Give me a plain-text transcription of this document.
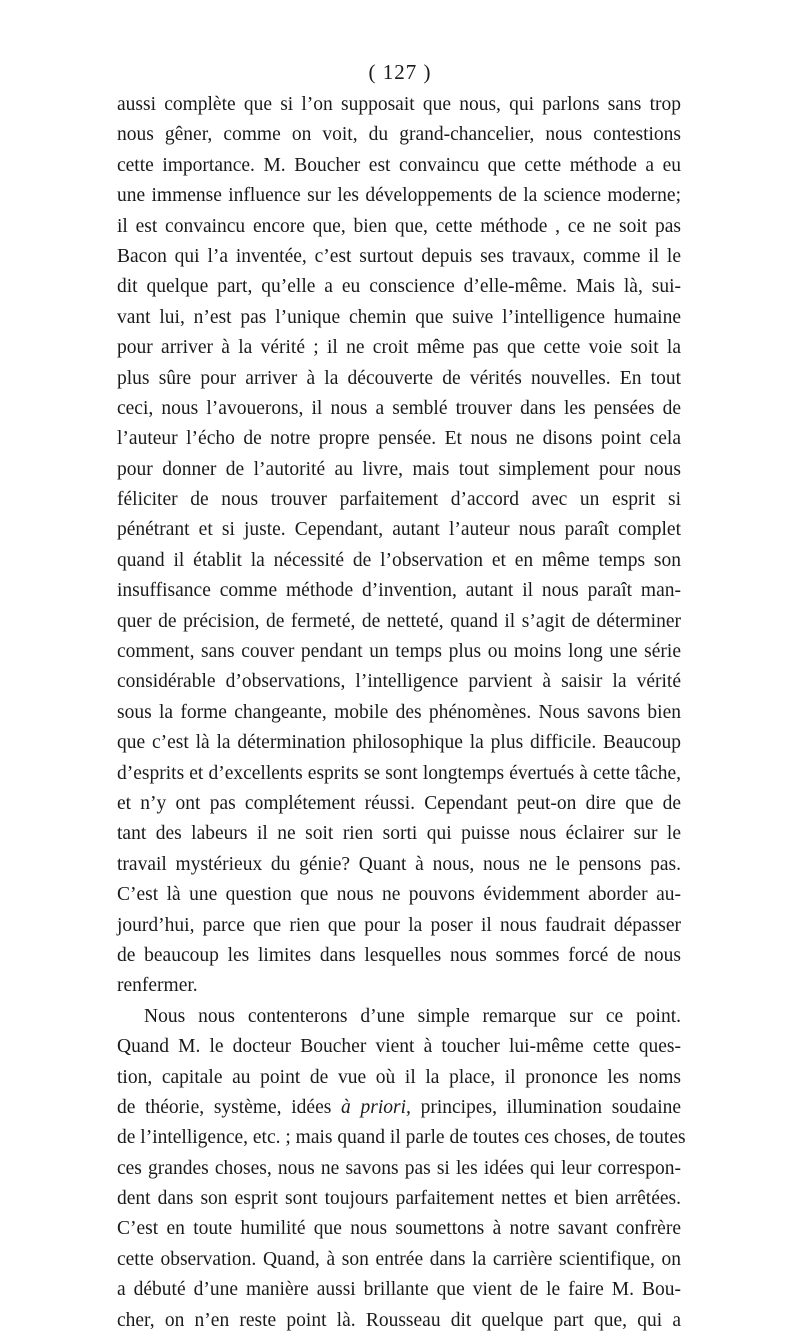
( 127 )
aussi complète que si l’on supposait que nous, qui parlons sans trop
nous gêner, comme on voit, du grand-chancelier, nous contestions
cette importance. M. Boucher est convaincu que cette méthode a eu
une immense influence sur les développements de la science moderne;
il est convaincu encore que, bien que, cette méthode , ce ne soit pas
Bacon qui l’a inventée, c’est surtout depuis ses travaux, comme il le
dit quelque part, qu’elle a eu conscience d’elle-même. Mais là, sui-
vant lui, n’est pas l’unique chemin que suive l’intelligence humaine
pour arriver à la vérité ; il ne croit même pas que cette voie soit la
plus sûre pour arriver à la découverte de vérités nouvelles. En tout
ceci, nous l’avouerons, il nous a semblé trouver dans les pensées de
l’auteur l’écho de notre propre pensée. Et nous ne disons point cela
pour donner de l’autorité au livre, mais tout simplement pour nous
féliciter de nous trouver parfaitement d’accord avec un esprit si
pénétrant et si juste. Cependant, autant l’auteur nous paraît complet
quand il établit la nécessité de l’observation et en même temps son
insuffisance comme méthode d’invention, autant il nous paraît man-
quer de précision, de fermeté, de netteté, quand il s’agit de déterminer
comment, sans couver pendant un temps plus ou moins long une série
considérable d’observations, l’intelligence parvient à saisir la vérité
sous la forme changeante, mobile des phénomènes. Nous savons bien
que c’est là la détermination philosophique la plus difficile. Beaucoup
d’esprits et d’excellents esprits se sont longtemps évertués à cette tâche,
et n’y ont pas complétement réussi. Cependant peut-on dire que de
tant des labeurs il ne soit rien sorti qui puisse nous éclairer sur le
travail mystérieux du génie? Quant à nous, nous ne le pensons pas.
C’est là une question que nous ne pouvons évidemment aborder au-
jourd’hui, parce que rien que pour la poser il nous faudrait dépasser
de beaucoup les limites dans lesquelles nous sommes forcé de nous
renfermer.
Nous nous contenterons d’une simple remarque sur ce point.
Quand M. le docteur Boucher vient à toucher lui-même cette ques-
tion, capitale au point de vue où il la place, il prononce les noms
de théorie, système, idées à priori, principes, illumination soudaine
de l’intelligence, etc. ; mais quand il parle de toutes ces choses, de toutes
ces grandes choses, nous ne savons pas si les idées qui leur correspon-
dent dans son esprit sont toujours parfaitement nettes et bien arrêtées.
C’est en toute humilité que nous soumettons à notre savant confrère
cette observation. Quand, à son entrée dans la carrière scientifique, on
a débuté d’une manière aussi brillante que vient de le faire M. Bou-
cher, on n’en reste point là. Rousseau dit quelque part que, qui a
